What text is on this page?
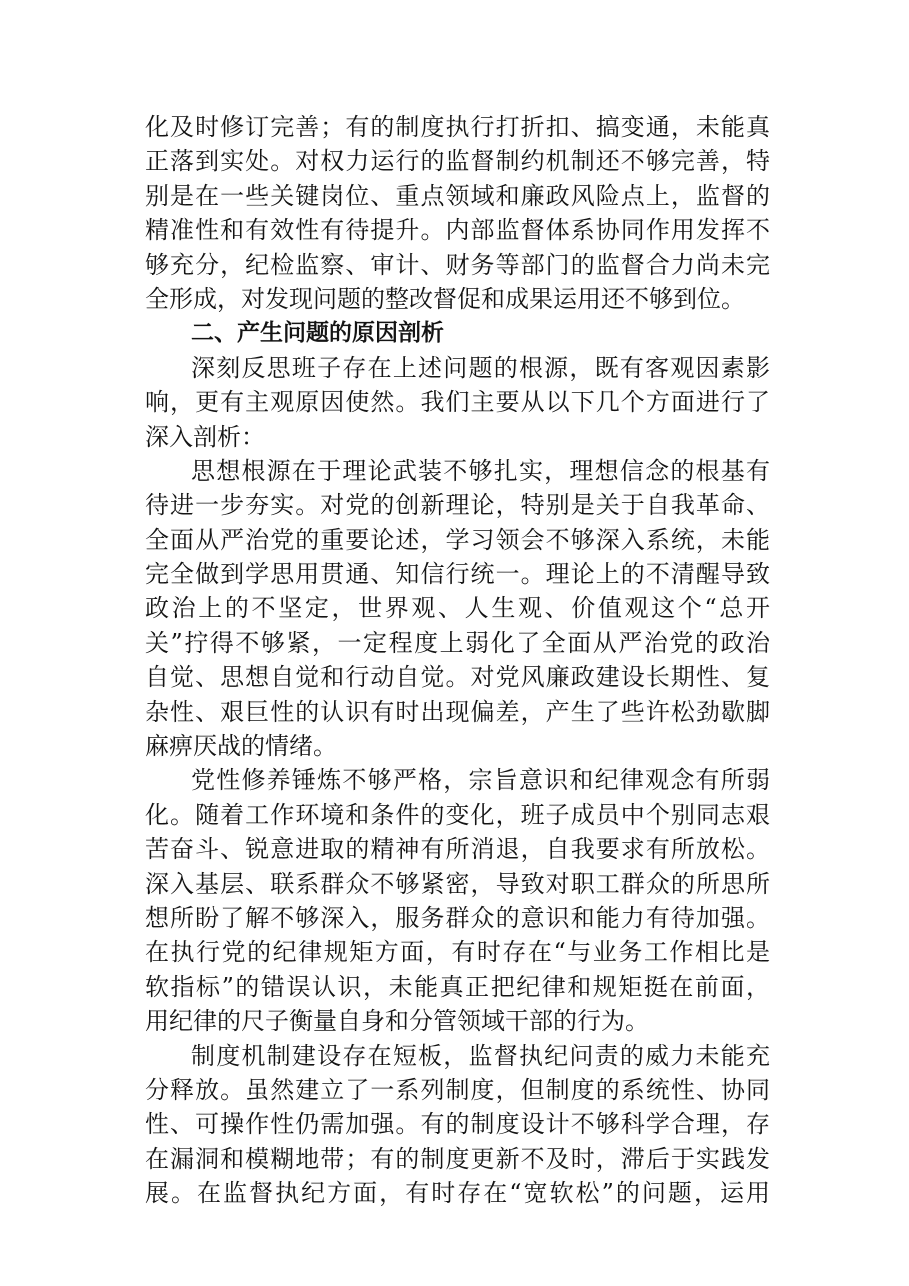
化及时修订完善；有的制度执行打折扣、搞变通，未能真
正落到实处。对权力运行的监督制约机制还不够完善，特
别是在一些关键岗位、重点领域和廉政风险点上，监督的
精准性和有效性有待提升。内部监督体系协同作用发挥不
够充分，纪检监察、审计、财务等部门的监督合力尚未完
全形成，对发现问题的整改督促和成果运用还不够到位。
二、产生问题的原因剖析
深刻反思班子存在上述问题的根源，既有客观因素影
响，更有主观原因使然。我们主要从以下几个方面进行了
深入剖析：
思想根源在于理论武装不够扎实，理想信念的根基有
待进一步夯实。对党的创新理论，特别是关于自我革命、
全面从严治党的重要论述，学习领会不够深入系统，未能
完全做到学思用贯通、知信行统一。理论上的不清醒导致
政治上的不坚定，世界观、人生观、价值观这个“总开
关”拧得不够紧，一定程度上弱化了全面从严治党的政治
自觉、思想自觉和行动自觉。对党风廉政建设长期性、复
杂性、艰巨性的认识有时出现偏差，产生了些许松劲歇脚
麻痹厌战的情绪。
党性修养锤炼不够严格，宗旨意识和纪律观念有所弱
化。随着工作环境和条件的变化，班子成员中个别同志艰
苦奋斗、锐意进取的精神有所消退，自我要求有所放松。
深入基层、联系群众不够紧密，导致对职工群众的所思所
想所盼了解不够深入，服务群众的意识和能力有待加强。
在执行党的纪律规矩方面，有时存在“与业务工作相比是
软指标”的错误认识，未能真正把纪律和规矩挺在前面，
用纪律的尺子衡量自身和分管领域干部的行为。
制度机制建设存在短板，监督执纪问责的威力未能充
分释放。虽然建立了一系列制度，但制度的系统性、协同
性、可操作性仍需加强。有的制度设计不够科学合理，存
在漏洞和模糊地带；有的制度更新不及时，滞后于实践发
展。在监督执纪方面，有时存在“宽软松”的问题，运用
